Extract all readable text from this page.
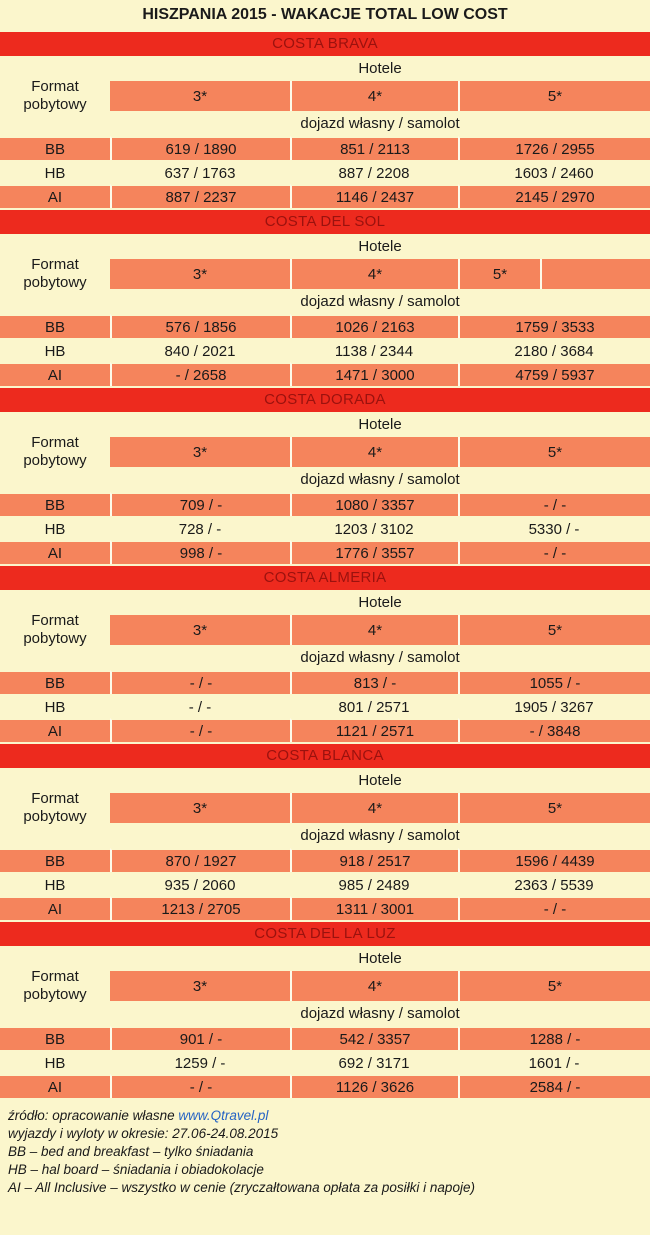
HISZPANIA 2015 - WAKACJE TOTAL LOW COST
COSTA BRAVA
Format pobytowy	Hotele		
	3*	4*	5*

	dojazd własny / samolot		
BB	619 / 1890	851 / 2113	1726 / 2955
HB	637 / 1763	887 / 2208	1603 / 2460
AI	887 / 2237	1146 / 2437	2145 / 2970
COSTA DEL SOL
Format pobytowy	Hotele		
	3*	4*	5*

	dojazd własny / samolot		
BB	576 / 1856	1026 / 2163	1759 / 3533
HB	840 / 2021	1138 / 2344	2180 / 3684
AI	- / 2658	1471 / 3000	4759 / 5937
COSTA DORADA
Format pobytowy	Hotele		
	3*	4*	5*

	dojazd własny / samolot		
BB	709 / -	1080 / 3357	- / -
HB	728 / -	1203 / 3102	5330 / -
AI	998 / -	1776 / 3557	- / -
COSTA ALMERIA
Format pobytowy	Hotele		
	3*	4*	5*

	dojazd własny / samolot		
BB	- / -	813 / -	1055 / -
HB	- / -	801 / 2571	1905 / 3267
AI	- / -	1121 / 2571	- / 3848
COSTA BLANCA
Format pobytowy	Hotele		
	3*	4*	5*

	dojazd własny / samolot		
BB	870 / 1927	918 / 2517	1596 / 4439
HB	935 / 2060	985 / 2489	2363 / 5539
AI	1213 / 2705	1311 / 3001	- / -
COSTA DEL LA LUZ
Format pobytowy	Hotele		
	3*	4*	5*

	dojazd własny / samolot		
BB	901 / -	542 / 3357	1288 / -
HB	1259 / -	692 / 3171	1601 / -
AI	- / -	1126 / 3626	2584 / -
źródło: opracowanie własne www.Qtravel.pl
wyjazdy i wyloty w okresie: 27.06-24.08.2015
BB – bed and breakfast – tylko śniadania
HB – hal board – śniadania i obiadokolacje
AI – All Inclusive – wszystko w cenie (zryczałtowana opłata za posiłki i napoje)
